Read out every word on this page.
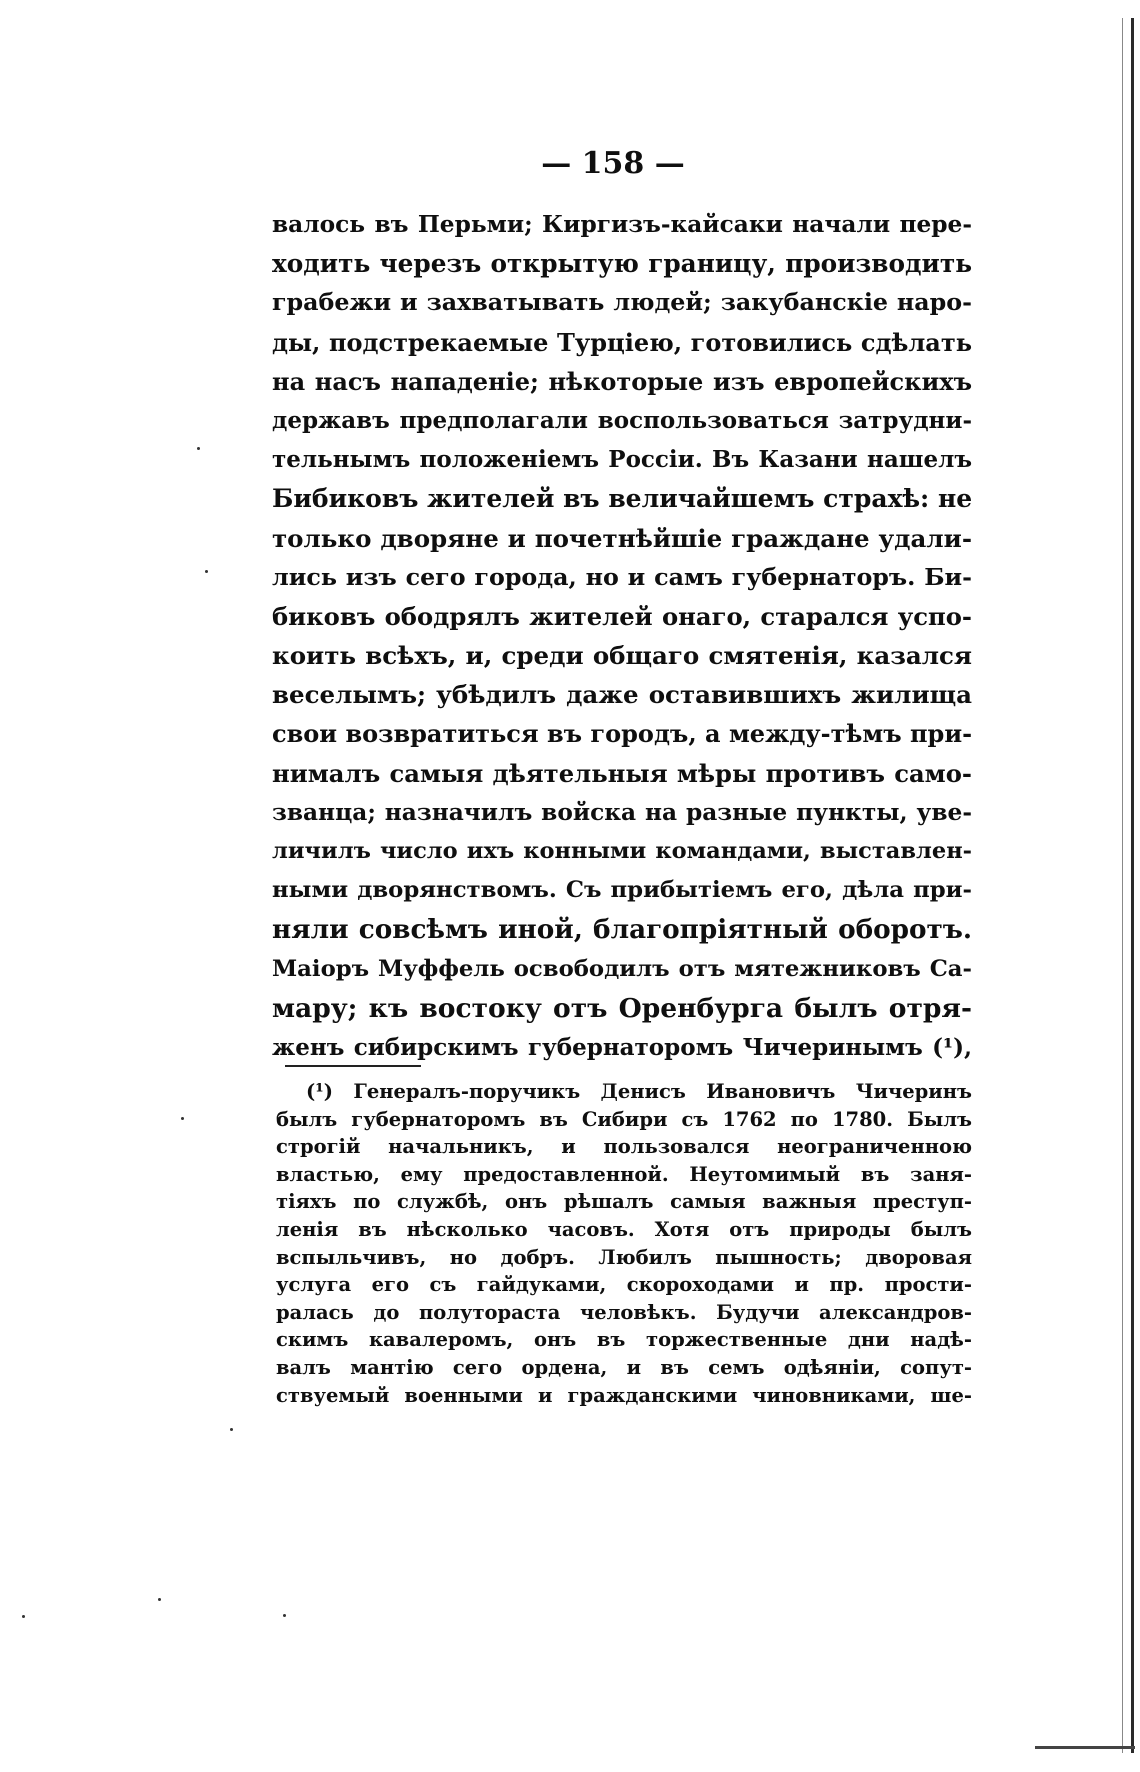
— 158 —
валось въ Перьми; Киргизъ-кайсаки начали пере-
ходить черезъ открытую границу, производить
грабежи и захватывать людей; закубанскіе наро-
ды, подстрекаемые Турціею, готовились сдѣлать
на насъ нападеніе; нѣкоторые изъ европейскихъ
державъ предполагали воспользоваться затрудни-
тельнымъ положеніемъ Россіи. Въ Казани нашелъ
Бибиковъ жителей въ величайшемъ страхѣ: не
только дворяне и почетнѣйшіе граждане удали-
лись изъ сего города, но и самъ губернаторъ. Би-
биковъ ободрялъ жителей онаго, старался успо-
коить всѣхъ, и, среди общаго смятенія, казался
веселымъ; убѣдилъ даже оставившихъ жилища
свои возвратиться въ городъ, а между-тѣмъ при-
нималъ самыя дѣятельныя мѣры противъ само-
званца; назначилъ войска на разные пункты, уве-
личилъ число ихъ конными командами, выставлен-
ными дворянствомъ. Съ прибытіемъ его, дѣла при-
няли совсѣмъ иной, благопріятный оборотъ.
Маіоръ Муффель освободилъ отъ мятежниковъ Са-
мару; къ востоку отъ Оренбурга былъ отря-
женъ сибирскимъ губернаторомъ Чичеринымъ (¹),
(¹) Генералъ-поручикъ Денисъ Ивановичъ Чичеринъ
былъ губернаторомъ въ Сибири съ 1762 по 1780. Былъ
строгій начальникъ, и пользовался неограниченною
властью, ему предоставленной. Неутомимый въ заня-
тіяхъ по службѣ, онъ рѣшалъ самыя важныя преступ-
ленія въ нѣсколько часовъ. Хотя отъ природы былъ
вспыльчивъ, но добръ. Любилъ пышность; дворовая
услуга его съ гайдуками, скороходами и пр. прости-
ралась до полутораста человѣкъ. Будучи александров-
скимъ кавалеромъ, онъ въ торжественные дни надѣ-
валъ мантію сего ордена, и въ семъ одѣяніи, сопут-
ствуемый военными и гражданскими чиновниками, ше-
